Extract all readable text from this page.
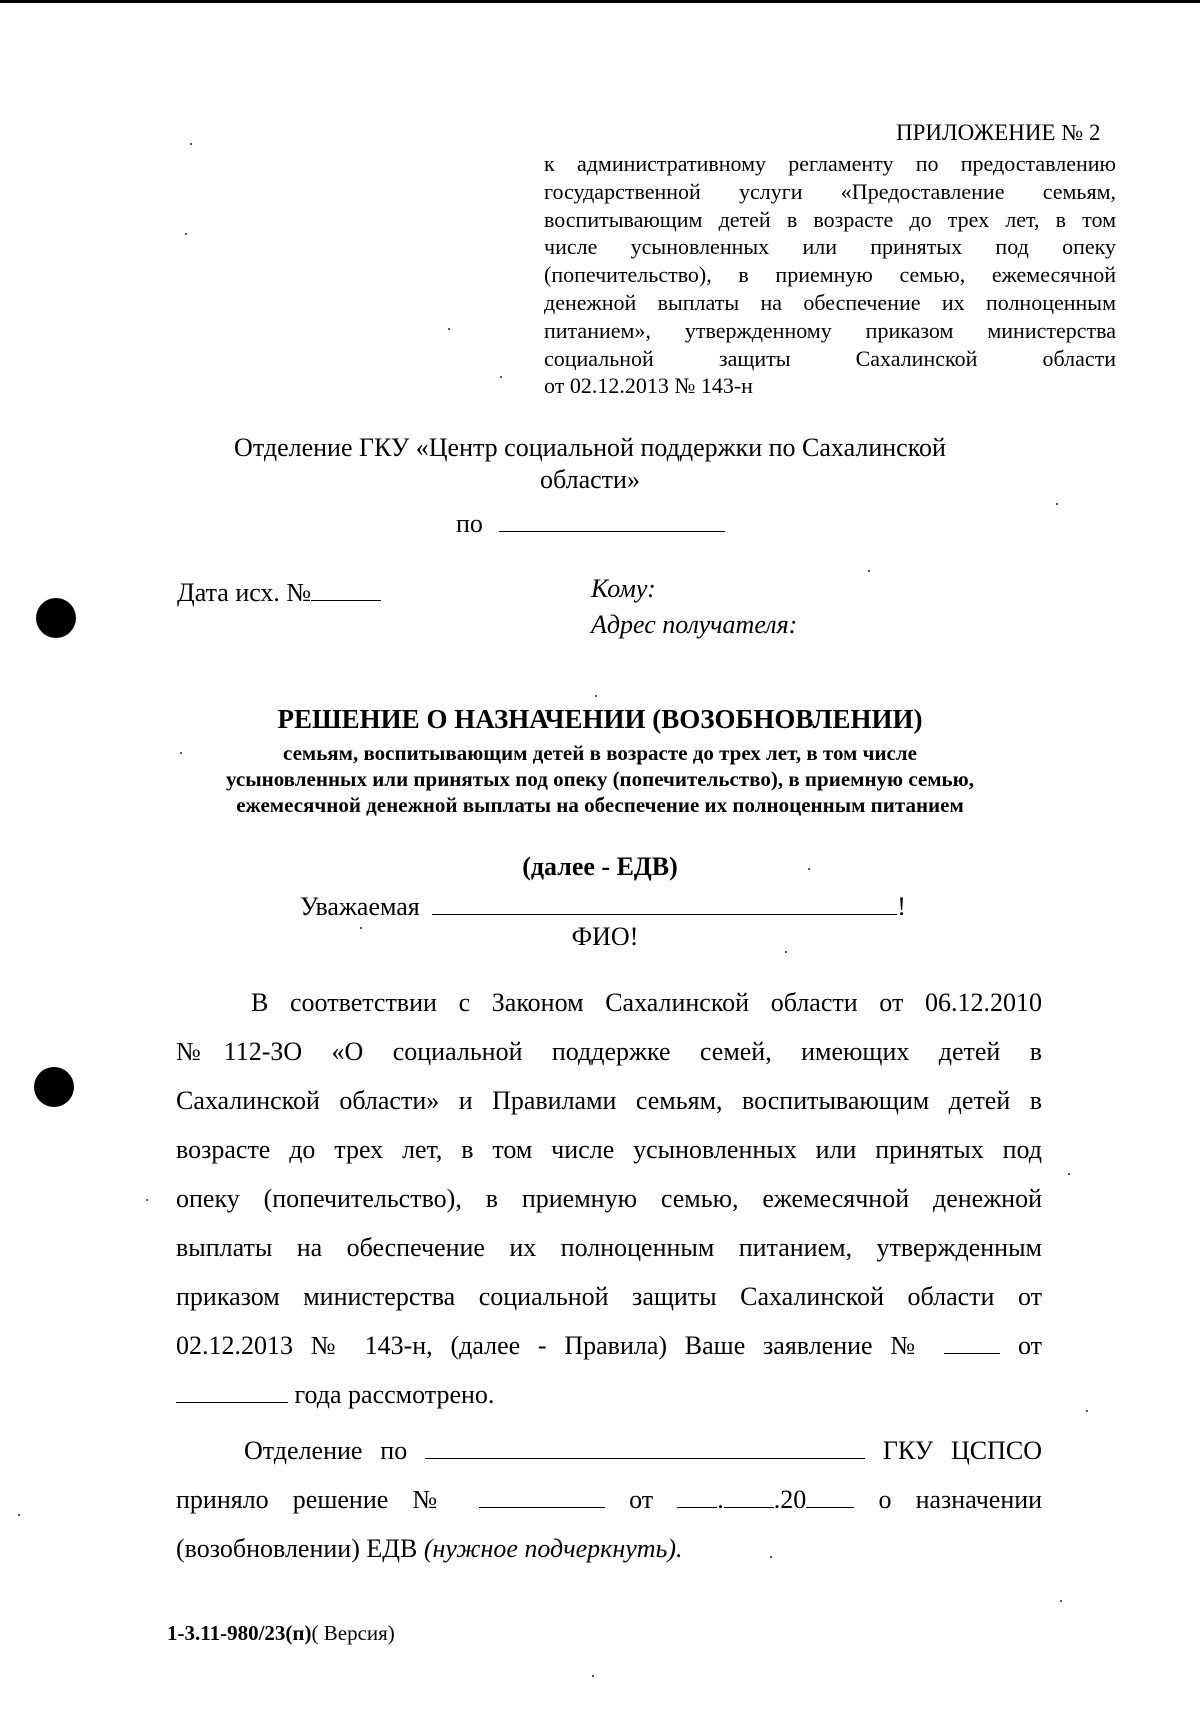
ПРИЛОЖЕНИЕ № 2
к административному регламенту по предоставлению
государственной услуги «Предоставление семьям,
воспитывающим детей в возрасте до трех лет, в том
числе усыновленных или принятых под опеку
(попечительство), в приемную семью, ежемесячной
денежной выплаты на обеспечение их полноценным
питанием», утвержденному приказом министерства
социальной защиты Сахалинской области
от 02.12.2013 № 143-н
Отделение ГКУ «Центр социальной поддержки по Сахалинской
области»
по
Дата исх. №	Кому:
Адрес получателя:
РЕШЕНИЕ О НАЗНАЧЕНИИ (ВОЗОБНОВЛЕНИИ)
семьям, воспитывающим детей в возрасте до трех лет, в том числе
усыновленных или принятых под опеку (попечительство), в приемную семью,
ежемесячной денежной выплаты на обеспечение их полноценным питанием
(далее - ЕДВ)
Уважаемая	!
ФИО!
В соответствии с Законом Сахалинской области от 06.12.2010
№112-ЗО «О социальной поддержке семей, имеющих детей в
Сахалинской области» и Правилами семьям, воспитывающим детей в
возрасте до трех лет, в том числе усыновленных или принятых под
опеку (попечительство), в приемную семью, ежемесячной денежной
выплаты на обеспечение их полноценным питанием, утвержденным
приказом министерства социальной защиты Сахалинской области от
02.12.2013 № 143-н, (далее - Правила) Ваше заявление №	от
года рассмотрено.
Отделение по	ГКУ ЦСПСО
приняло решение №	от . .20	о назначении
(возобновлении) ЕДВ (нужное подчеркнуть).
1-3.11-980/23(п)( Версия)
